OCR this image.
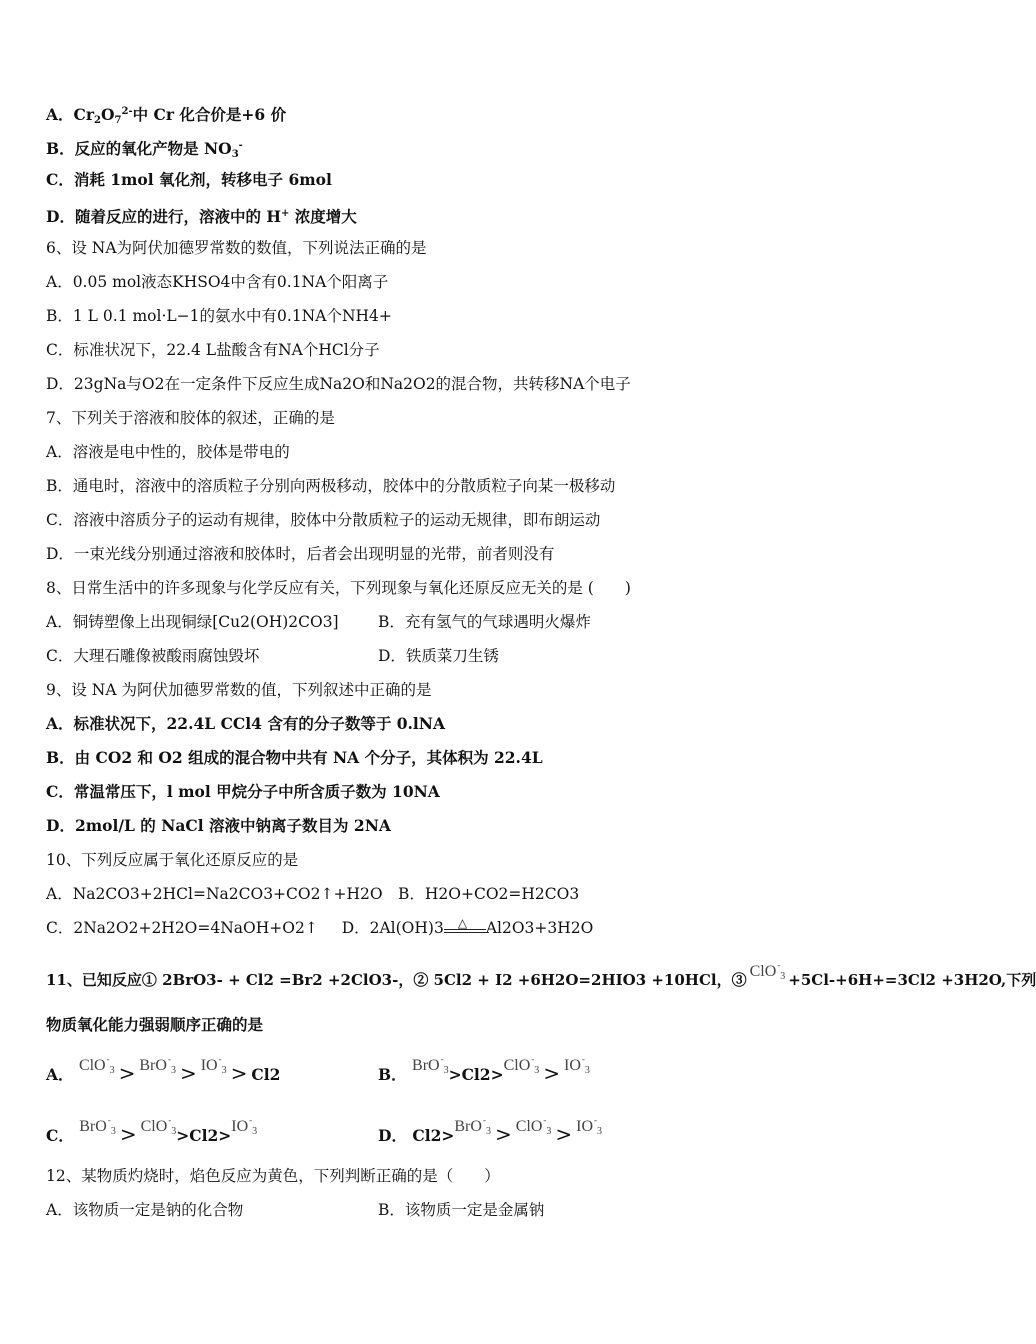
A．$Cr_2O_7^{2-}$中 Cr 化合价是+6 价
B．反应的氧化产物是 $NO_3^-$
C．消耗 1mol 氧化剂，转移电子 6mol
D．随着反应的进行，溶液中的 H+ 浓度增大
6、设 NA为阿伏加德罗常数的数值，下列说法正确的是
A．0.05 mol液态KHSO4中含有0.1NA个阳离子
B．1 L 0.1 mol·L−1的氨水中有0.1NA个NH4+
C．标准状况下，22.4 L盐酸含有NA个HCl分子
D．23gNa与O2在一定条件下反应生成Na2O和Na2O2的混合物，共转移NA个电子
7、下列关于溶液和胶体的叙述，正确的是
A．溶液是电中性的，胶体是带电的
B．通电时，溶液中的溶质粒子分别向两极移动，胶体中的分散质粒子向某一极移动
C．溶液中溶质分子的运动有规律，胶体中分散质粒子的运动无规律，即布朗运动
D．一束光线分别通过溶液和胶体时，后者会出现明显的光带，前者则没有
8、日常生活中的许多现象与化学反应有关，下列现象与氧化还原反应无关的是 (　　)
A．铜铸塑像上出现铜绿[Cu2(OH)2CO3]	B．充有氢气的气球遇明火爆炸
C．大理石雕像被酸雨腐蚀毁坏	D．铁质菜刀生锈
9、设 NA 为阿伏加德罗常数的值，下列叙述中正确的是
A．标准状况下，22.4L CCl4 含有的分子数等于 0.lNA
B．由 CO2 和 O2 组成的混合物中共有 NA 个分子，其体积为 22.4L
C．常温常压下，l mol 甲烷分子中所含质子数为 10NA
D．2mol/L 的 NaCl 溶液中钠离子数目为 2NA
10、下列反应属于氧化还原反应的是
A．Na2CO3+2HCl=Na2CO3+CO2↑+H2O　B．H2O+CO2=H2CO3
C．2Na2O2+2H2O=4NaOH+O2↑ D．2Al(OH)3 △ Al2O3+3H2O
11、已知反应① 2BrO3- + Cl2 =Br2 +2ClO3-，② 5Cl2 + I2 +6H2O=2HIO3 +10HCl，③ ClO-$_3$ +5Cl-+6H+=3Cl2 +3H2O,下列
物质氧化能力强弱顺序正确的是
A． $ClO^-_3 > BrO^-_3 > IO^-_3 > Cl2$	B． $BrO^-_3>Cl2>ClO^-_3 > IO^-_3$
C． $BrO^-_3 > ClO^-_3>Cl2>IO^-_3$	D． $Cl2>BrO^-_3 > ClO^-_3 > IO^-_3$
12、某物质灼烧时，焰色反应为黄色，下列判断正确的是（　　）
A．该物质一定是钠的化合物	B．该物质一定是金属钠
